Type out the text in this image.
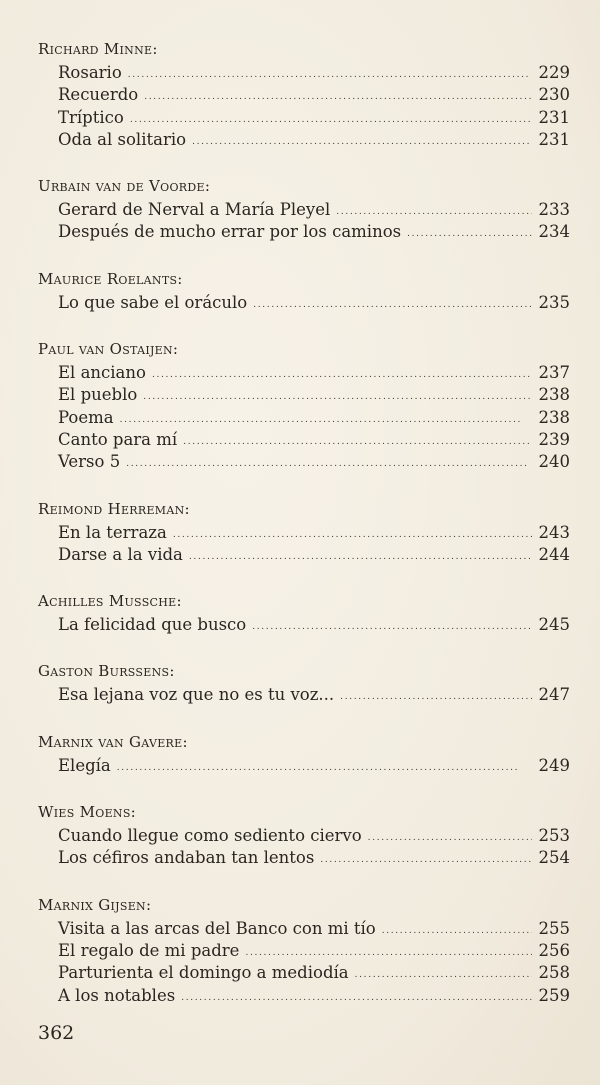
Richard Minne:
Rosario . . .	229
Recuerdo . . .	230
Tríptico . . .	231
Oda al solitario . . .	231
Urbain van de Voorde:
Gerard de Nerval a María Pleyel . . .	233
Después de mucho errar por los caminos . . .	234
Maurice Roelants:
Lo que sabe el oráculo . . .	235
Paul van Ostaijen:
El anciano . . .	237
El pueblo . . .	238
Poema . . .	238
Canto para mí . . .	239
Verso 5 . . .	240
Reimond Herreman:
En la terraza . . .	243
Darse a la vida . . .	244
Achilles Mussche:
La felicidad que busco . . .	245
Gaston Burssens:
Esa lejana voz que no es tu voz... . . .	247
Marnix van Gavere:
Elegía . . .	249
Wies Moens:
Cuando llegue como sediento ciervo . . .	253
Los céfiros andaban tan lentos . . .	254
Marnix Gijsen:
Visita a las arcas del Banco con mi tío . . .	255
El regalo de mi padre . . .	256
Parturienta el domingo a mediodía . . .	258
A los notables . . .	259
362
